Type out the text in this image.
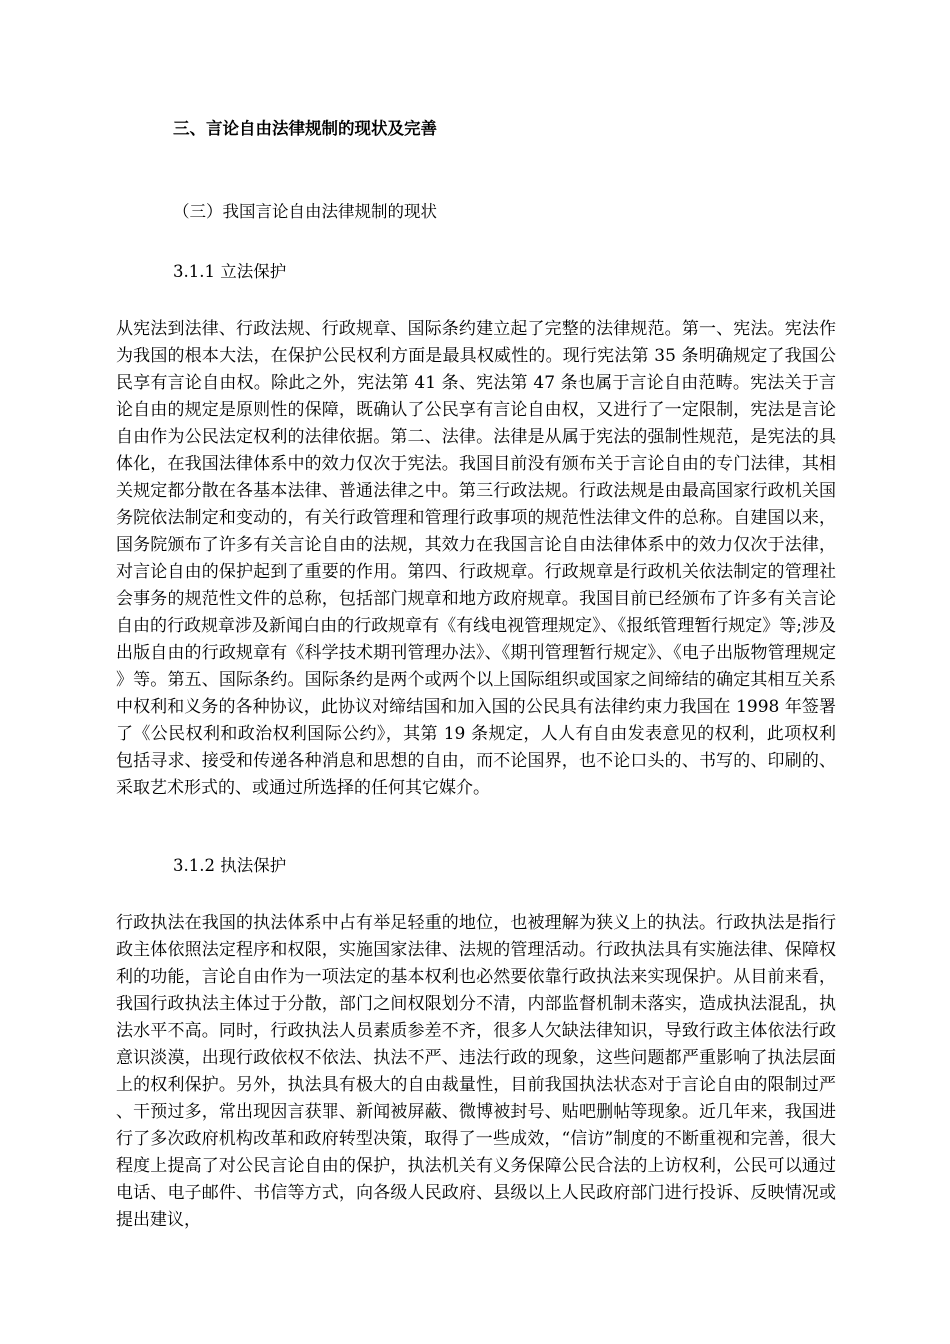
三、言论自由法律规制的现状及完善
（三）我国言论自由法律规制的现状
3.1.1 立法保护
从宪法到法律、行政法规、行政规章、国际条约建立起了完整的法律规范。第一、宪法。宪法作为我国的根本大法，在保护公民权利方面是最具权威性的。现行宪法第 35 条明确规定了我国公民享有言论自由权。除此之外，宪法第 41 条、宪法第 47 条也属于言论自由范畴。宪法关于言论自由的规定是原则性的保障，既确认了公民享有言论自由权，又进行了一定限制，宪法是言论自由作为公民法定权利的法律依据。第二、法律。法律是从属于宪法的强制性规范，是宪法的具体化，在我国法律体系中的效力仅次于宪法。我国目前没有颁布关于言论自由的专门法律，其相关规定都分散在各基本法律、普通法律之中。第三行政法规。行政法规是由最高国家行政机关国务院依法制定和变动的，有关行政管理和管理行政事项的规范性法律文件的总称。自建国以来，国务院颁布了许多有关言论自由的法规，其效力在我国言论自由法律体系中的效力仅次于法律，对言论自由的保护起到了重要的作用。第四、行政规章。行政规章是行政机关依法制定的管理社会事务的规范性文件的总称，包括部门规章和地方政府规章。我国目前已经颁布了许多有关言论自由的行政规章涉及新闻白由的行政规章有《有线电视管理规定》、《报纸管理暂行规定》等;涉及出版自由的行政规章有《科学技术期刊管理办法》、《期刊管理暂行规定》、《电子出版物管理规定》等。第五、国际条约。国际条约是两个或两个以上国际组织或国家之间缔结的确定其相互关系中权利和义务的各种协议，此协议对缔结国和加入国的公民具有法律约束力我国在 1998 年签署了《公民权利和政治权利国际公约》，其第 19 条规定，人人有自由发表意见的权利，此项权利包括寻求、接受和传递各种消息和思想的自由，而不论国界，也不论口头的、书写的、印刷的、采取艺术形式的、或通过所选择的任何其它媒介。
3.1.2 执法保护
行政执法在我国的执法体系中占有举足轻重的地位，也被理解为狭义上的执法。行政执法是指行政主体依照法定程序和权限，实施国家法律、法规的管理活动。行政执法具有实施法律、保障权利的功能，言论自由作为一项法定的基本权利也必然要依靠行政执法来实现保护。从目前来看，我国行政执法主体过于分散，部门之间权限划分不清，内部监督机制未落实，造成执法混乱，执法水平不高。同时，行政执法人员素质参差不齐，很多人欠缺法律知识，导致行政主体依法行政意识淡漠，出现行政依权不依法、执法不严、违法行政的现象，这些问题都严重影响了执法层面上的权利保护。另外，执法具有极大的自由裁量性，目前我国执法状态对于言论自由的限制过严、干预过多，常出现因言获罪、新闻被屏蔽、微博被封号、贴吧删帖等现象。近几年来，我国进行了多次政府机构改革和政府转型决策，取得了一些成效，“信访”制度的不断重视和完善，很大程度上提高了对公民言论自由的保护，执法机关有义务保障公民合法的上访权利，公民可以通过电话、电子邮件、书信等方式，向各级人民政府、县级以上人民政府部门进行投诉、反映情况或提出建议，
